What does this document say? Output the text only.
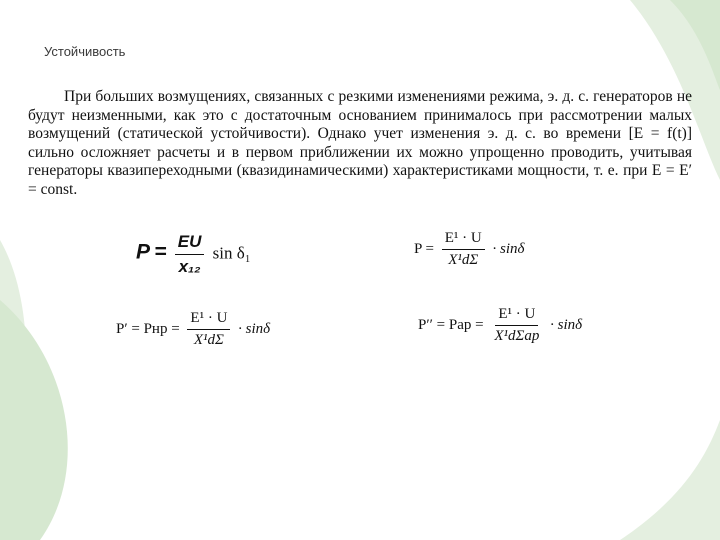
Устойчивость

При больших возмущениях, связанных с резкими изменениями режима, э. д. с. генераторов не будут неизменными, как это с достаточным основанием принималось при рассмотрении малых возмущений (статической устойчивости). Однако учет изменения э. д. с. во времени [E = f(t)] сильно осложняет расчеты и в первом приближении их можно упрощенно проводить, учитывая генераторы квазипереходными (квазидинамическими) характеристиками мощности, т. е. при E = E′ = const.

$P = \frac{EU}{\text{x₁₂}}$ sin δ₁	$P = \frac{\text{E¹ · U}}{\text{X¹dΣ}} \cdot \sin\delta$
P′ = Pнр = $\frac{\text{E¹ · U}}{\text{X¹dΣ}} \cdot \sin\delta$	P′′ = Pар = $\frac{\text{E¹ · U}}{\text{X¹dΣар}} \cdot \sin\delta$
